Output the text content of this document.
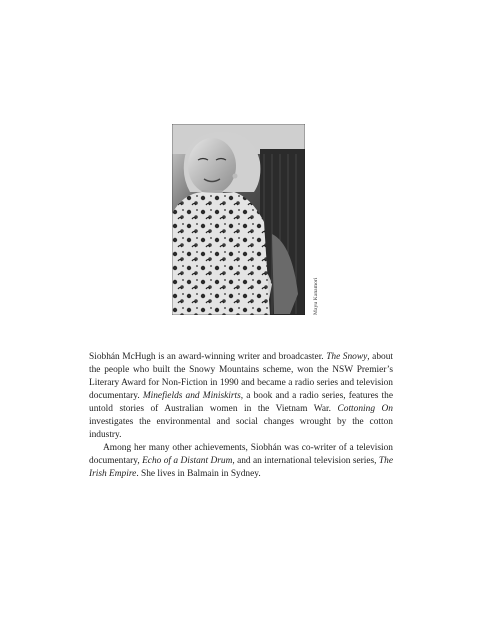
Mayu Kanamori

Siobhán McHugh is an award-winning writer and broadcaster. The Snowy, about the people who built the Snowy Mountains scheme, won the NSW Premier’s Literary Award for Non-Fiction in 1990 and became a radio series and television documentary. Minefields and Miniskirts, a book and a radio series, features the untold stories of Australian women in the Vietnam War. Cottoning On investigates the environmental and social changes wrought by the cotton industry.

Among her many other achievements, Siobhán was co-writer of a television documentary, Echo of a Distant Drum, and an international television series, The Irish Empire. She lives in Balmain in Sydney.
